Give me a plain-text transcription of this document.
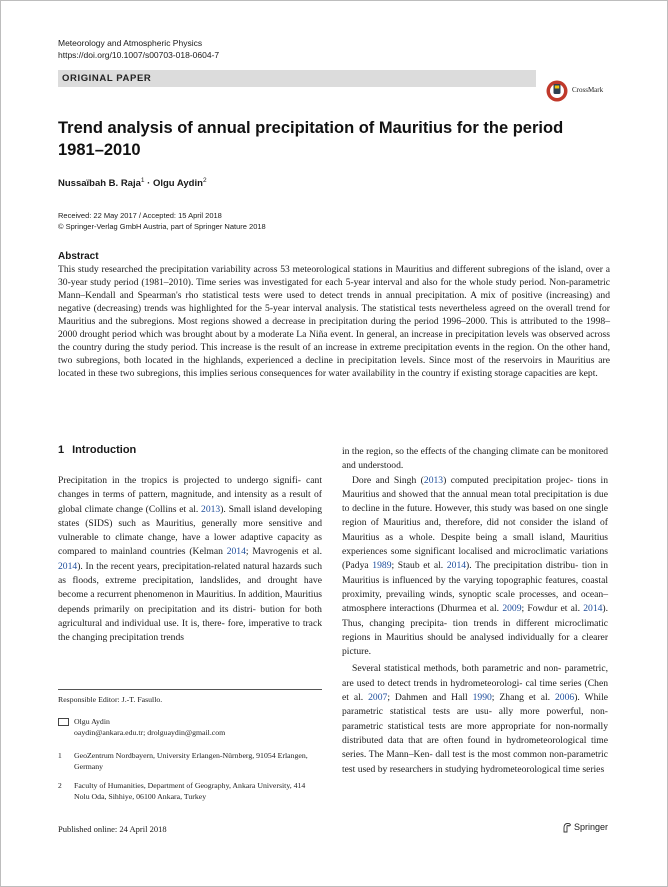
Meteorology and Atmospheric Physics
https://doi.org/10.1007/s00703-018-0604-7
ORIGINAL PAPER
CrossMark
Trend analysis of annual precipitation of Mauritius for the period 1981–2010
Nussaïbah B. Raja$^1$ · Olgu Aydin$^2$
Received: 22 May 2017 / Accepted: 15 April 2018
© Springer-Verlag GmbH Austria, part of Springer Nature 2018
Abstract
This study researched the precipitation variability across 53 meteorological stations in Mauritius and different subregions of the island, over a 30-year study period (1981–2010). Time series was investigated for each 5-year interval and also for the whole study period. Non-parametric Mann–Kendall and Spearman's rho statistical tests were used to detect trends in annual precipitation. A mix of positive (increasing) and negative (decreasing) trends was highlighted for the 5-year interval analysis. The statistical tests nevertheless agreed on the overall trend for Mauritius and the subregions. Most regions showed a decrease in precipitation during the period 1996–2000. This is attributed to the 1998–2000 drought period which was brought about by a moderate La Niña event. In general, an increase in precipitation levels was observed across the country during the study period. This increase is the result of an increase in extreme precipitation events in the region. On the other hand, two subregions, both located in the highlands, experienced a decline in precipitation levels. Since most of the reservoirs in Mauritius are located in these two subregions, this implies serious consequences for water availability in the country if existing storage capacities are kept.
1 Introduction

Precipitation in the tropics is projected to undergo signifi- cant changes in terms of pattern, magnitude, and intensity as a result of global climate change (Collins et al. 2013). Small island developing states (SIDS) such as Mauritius, generally more sensitive and vulnerable to climate change, have a lower adaptive capacity as compared to mainland countries (Kelman 2014; Mavrogenis et al. 2014). In the recent years, precipitation-related natural hazards such as floods, extreme precipitation, landslides, and drought have become a recurrent phenomenon in Mauritius. In addition, Mauritius depends primarily on precipitation and its distri- bution for both agricultural and individual use. It is, there- fore, imperative to track the changing precipitation trends

in the region, so the effects of the changing climate can be monitored and understood.

Dore and Singh (2013) computed precipitation projec- tions in Mauritius and showed that the annual mean total precipitation is due to decline in the future. However, this study was based on one single region of Mauritius and, therefore, did not consider the island of Mauritius as a whole. Despite being a small island, Mauritius experiences some significant localised and microclimatic variations (Padya 1989; Staub et al. 2014). The precipitation distribu- tion in Mauritius is influenced by the varying topographic features, coastal proximity, prevailing winds, synoptic scale processes, and ocean–atmosphere interactions (Dhurmea et al. 2009; Fowdur et al. 2014). Thus, changing precipita- tion trends in different microclimatic regions in Mauritius should be analysed individually for a clearer picture.

Several statistical methods, both parametric and non- parametric, are used to detect trends in hydrometeorologi- cal time series (Chen et al. 2007; Dahmen and Hall 1990; Zhang et al. 2006). While parametric statistical tests are usu- ally more powerful, non-parametric statistical tests are more appropriate for non-normally distributed data that are often found in hydrometeorological time series. The Mann–Ken- dall test is the most common non-parametric test used by researchers in studying hydrometeorological time series

Responsible Editor: J.-T. Fasullo.
Olgu Aydin
oaydin@ankara.edu.tr; drolguaydin@gmail.com
1	GeoZentrum Nordbayern, University Erlangen-Nürnberg, 91054 Erlangen, Germany
2	Faculty of Humanities, Department of Geography, Ankara University, 414 Nolu Oda, Sihhiye, 06100 Ankara, Turkey
Published online: 24 April 2018	Springer
